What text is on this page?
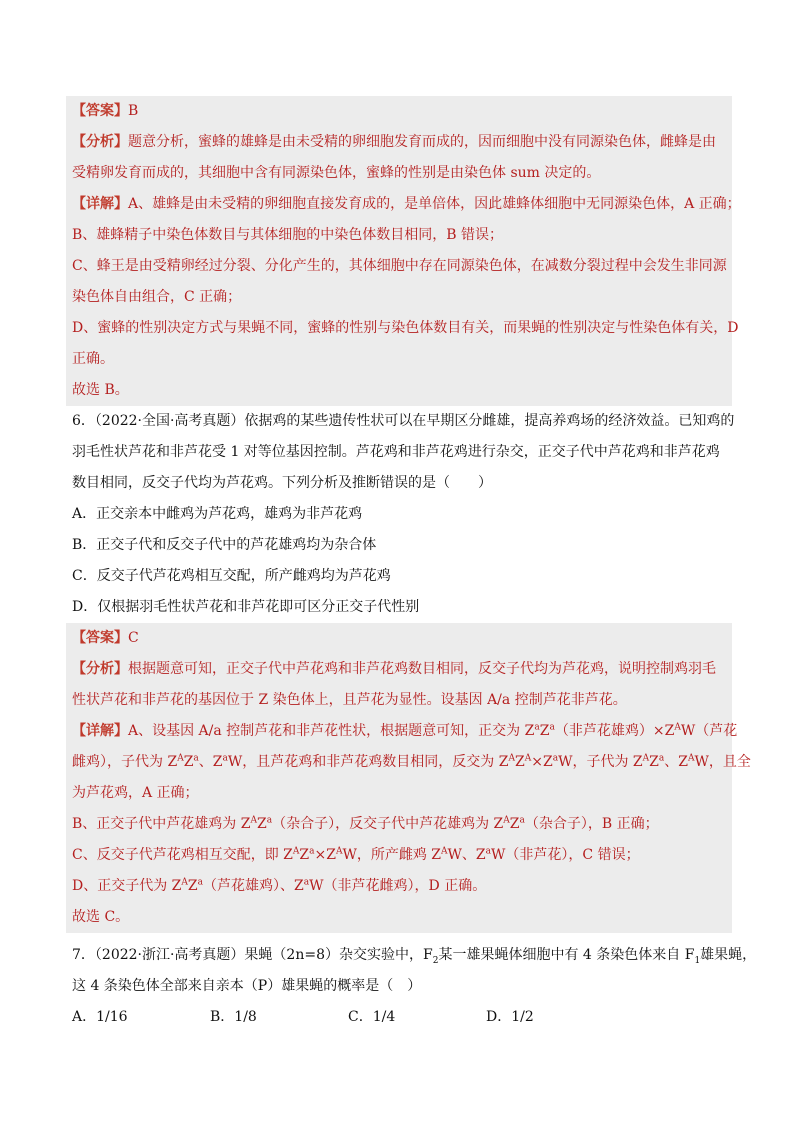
【答案】B
【分析】题意分析，蜜蜂的雄蜂是由未受精的卵细胞发育而成的，因而细胞中没有同源染色体，雌蜂是由
受精卵发育而成的，其细胞中含有同源染色体，蜜蜂的性别是由染色体 sum 决定的。
【详解】A、雄蜂是由未受精的卵细胞直接发育成的，是单倍体，因此雄蜂体细胞中无同源染色体，A 正确；
B、雄蜂精子中染色体数目与其体细胞的中染色体数目相同，B 错误；
C、蜂王是由受精卵经过分裂、分化产生的，其体细胞中存在同源染色体，在减数分裂过程中会发生非同源
染色体自由组合，C 正确；
D、蜜蜂的性别决定方式与果蝇不同，蜜蜂的性别与染色体数目有关，而果蝇的性别决定与性染色体有关，D
正确。
故选 B。
6．（2022·全国·高考真题）依据鸡的某些遗传性状可以在早期区分雌雄，提高养鸡场的经济效益。已知鸡的
羽毛性状芦花和非芦花受 1 对等位基因控制。芦花鸡和非芦花鸡进行杂交，正交子代中芦花鸡和非芦花鸡
数目相同，反交子代均为芦花鸡。下列分析及推断错误的是（　　）
A．正交亲本中雌鸡为芦花鸡，雄鸡为非芦花鸡
B．正交子代和反交子代中的芦花雄鸡均为杂合体
C．反交子代芦花鸡相互交配，所产雌鸡均为芦花鸡
D．仅根据羽毛性状芦花和非芦花即可区分正交子代性别
【答案】C
【分析】根据题意可知，正交子代中芦花鸡和非芦花鸡数目相同，反交子代均为芦花鸡，说明控制鸡羽毛
性状芦花和非芦花的基因位于 Z 染色体上，且芦花为显性。设基因 A/a 控制芦花非芦花。
【详解】A、设基因 A/a 控制芦花和非芦花性状，根据题意可知，正交为 $Z^aZ^a$（非芦花雄鸡）$\times Z^AW$（芦花
雌鸡），子代为 $Z^AZ^a$、$Z^aW$，且芦花鸡和非芦花鸡数目相同，反交为 $Z^AZ^A\times Z^aW$，子代为 $Z^AZ^a$、$Z^AW$，且全
为芦花鸡，A 正确；
B、正交子代中芦花雄鸡为 $Z^AZ^a$（杂合子），反交子代中芦花雄鸡为 $Z^AZ^a$（杂合子），B 正确；
C、反交子代芦花鸡相互交配，即 $Z^AZ^a\times Z^AW$，所产雌鸡 $Z^AW$、$Z^aW$（非芦花），C 错误；
D、正交子代为 $Z^AZ^a$（芦花雄鸡）、$Z^aW$（非芦花雌鸡），D 正确。
故选 C。
7．（2022·浙江·高考真题）果蝇（2n=8）杂交实验中，$F_2$某一雄果蝇体细胞中有 4 条染色体来自 $F_1$雄果蝇，
这 4 条染色体全部来自亲本（P）雄果蝇的概率是（　）
A．1/16	B．1/8	C．1/4	D．1/2
